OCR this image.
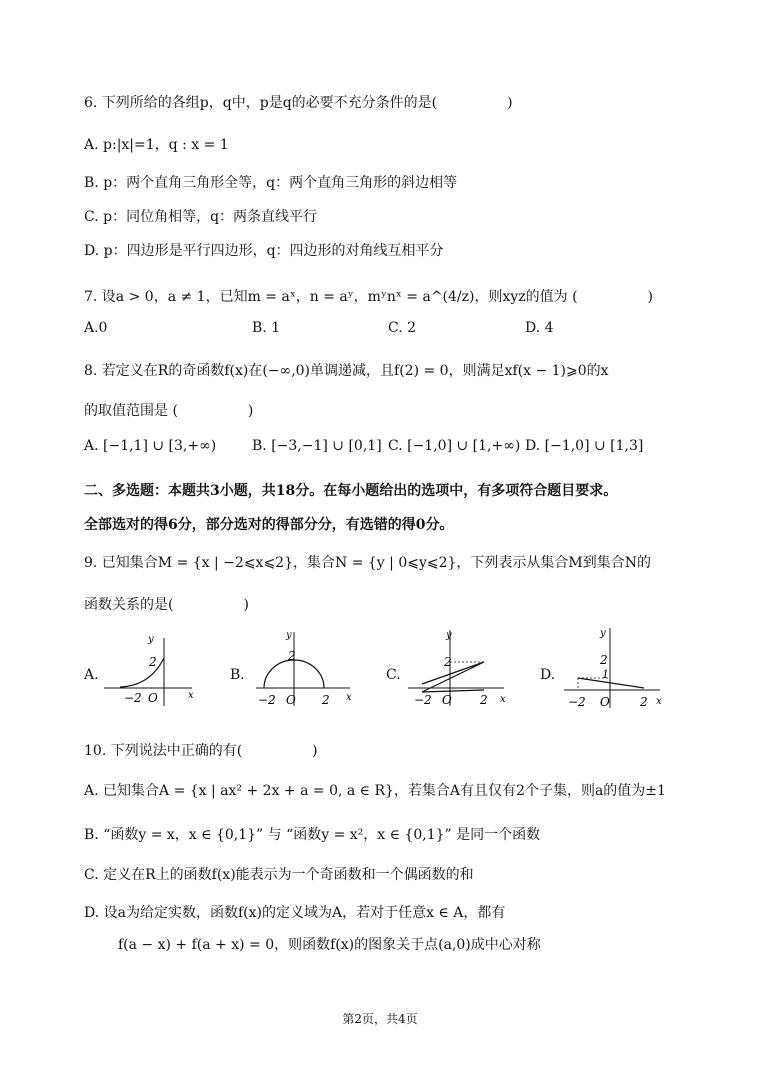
6. 下列所给的各组p，q中，p是q的必要不充分条件的是(　　　　　)
A. p:|x|=1，q : x = 1
B. p：两个直角三角形全等，q：两个直角三角形的斜边相等
C. p：同位角相等，q：两条直线平行
D. p：四边形是平行四边形，q：四边形的对角线互相平分
7. 设a > 0，a ≠ 1，已知m = aˣ，n = aʸ，mʸnˣ = a^(4/z)，则xyz的值为 (　　　　　)
A.0	B. 1	C. 2	D. 4
8. 若定义在R的奇函数f(x)在(−∞,0)单调递减，且f(2) = 0，则满足xf(x − 1)⩾0的x
的取值范围是 (　　　　　)
A. [−1,1] ∪ [3,+∞)	B. [−3,−1] ∪ [0,1] C. [−1,0] ∪ [1,+∞) D. [−1,0] ∪ [1,3]
二、多选题：本题共3小题，共18分。在每小题给出的选项中，有多项符合题目要求。
全部选对的得6分，部分选对的得部分分，有选错的得0分。
9. 已知集合M = {x | −2⩽x⩽2}，集合N = {y | 0⩽y⩽2}，下列表示从集合M到集合N的
函数关系的是(　　　　　)
A.
y
x
2
−2 O
B.
y
x
2
−2 O 2
C.
y
x
2
−2 O 2
D.
y
x
2
1
−2 O	2
10. 下列说法中正确的有(　　　　　)
A. 已知集合A = {x | ax² + 2x + a = 0, a ∈ R}，若集合A有且仅有2个子集，则a的值为±1
B. “函数y = x，x ∈ {0,1}” 与 “函数y = x²，x ∈ {0,1}” 是同一个函数
C. 定义在R上的函数f(x)能表示为一个奇函数和一个偶函数的和
D. 设a为给定实数，函数f(x)的定义域为A，若对于任意x ∈ A，都有
f(a − x) + f(a + x) = 0，则函数f(x)的图象关于点(a,0)成中心对称
第2页，共4页
